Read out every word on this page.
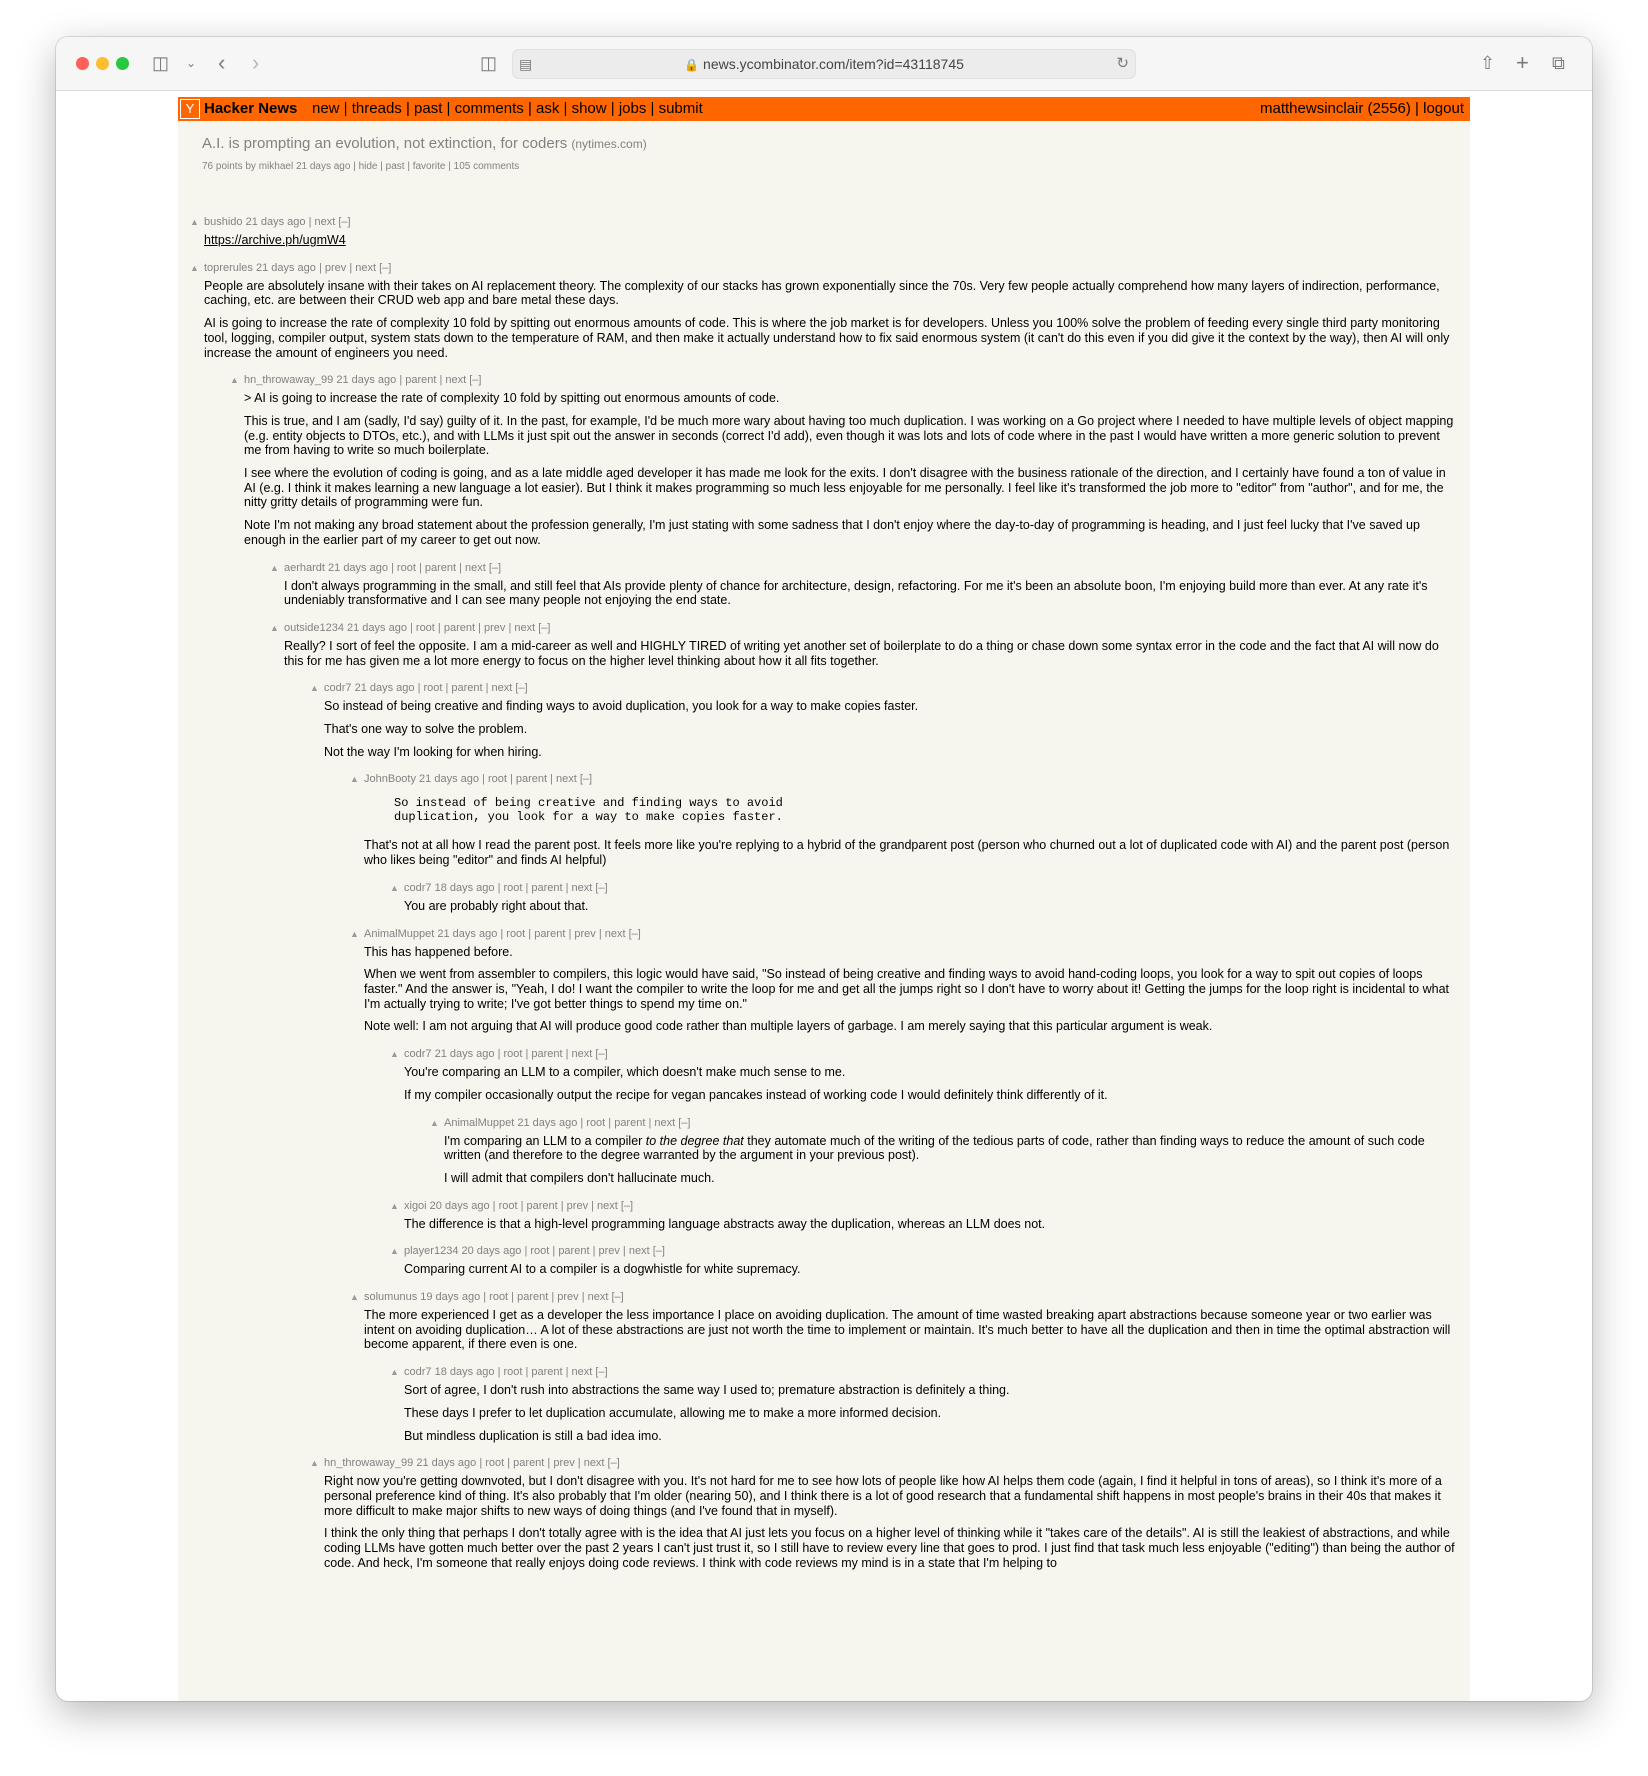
◫ ⌄ ‹ ›	◫ ▤	🔒 news.ycombinator.com/item?id=43118745	↻	⇧ + ⧉
Y Hacker News new | threads | past | comments | ask | show | jobs | submit	matthewsinclair (2556) | logout
A.I. is prompting an evolution, not extinction, for coders (nytimes.com)
76 points by mikhael 21 days ago | hide | past | favorite | 105 comments
▲ bushido 21 days ago | next [–]

https://archive.ph/ugmW4

▲ toprerules 21 days ago | prev | next [–]

People are absolutely insane with their takes on AI replacement theory. The complexity of our stacks has grown exponentially since the 70s. Very few people actually comprehend how many layers of indirection, performance, caching, etc. are between their CRUD web app and bare metal these days.

AI is going to increase the rate of complexity 10 fold by spitting out enormous amounts of code. This is where the job market is for developers. Unless you 100% solve the problem of feeding every single third party monitoring tool, logging, compiler output, system stats down to the temperature of RAM, and then make it actually understand how to fix said enormous system (it can't do this even if you did give it the context by the way), then AI will only increase the amount of engineers you need.

▲ hn_throwaway_99 21 days ago | parent | next [–]

> AI is going to increase the rate of complexity 10 fold by spitting out enormous amounts of code.

This is true, and I am (sadly, I'd say) guilty of it. In the past, for example, I'd be much more wary about having too much duplication. I was working on a Go project where I needed to have multiple levels of object mapping (e.g. entity objects to DTOs, etc.), and with LLMs it just spit out the answer in seconds (correct I'd add), even though it was lots and lots of code where in the past I would have written a more generic solution to prevent me from having to write so much boilerplate.

I see where the evolution of coding is going, and as a late middle aged developer it has made me look for the exits. I don't disagree with the business rationale of the direction, and I certainly have found a ton of value in AI (e.g. I think it makes learning a new language a lot easier). But I think it makes programming so much less enjoyable for me personally. I feel like it's transformed the job more to "editor" from "author", and for me, the nitty gritty details of programming were fun.

Note I'm not making any broad statement about the profession generally, I'm just stating with some sadness that I don't enjoy where the day-to-day of programming is heading, and I just feel lucky that I've saved up enough in the earlier part of my career to get out now.

▲ aerhardt 21 days ago | root | parent | next [–]

I don't always programming in the small, and still feel that AIs provide plenty of chance for architecture, design, refactoring. For me it's been an absolute boon, I'm enjoying build more than ever. At any rate it's undeniably transformative and I can see many people not enjoying the end state.

▲ outside1234 21 days ago | root | parent | prev | next [–]

Really? I sort of feel the opposite. I am a mid-career as well and HIGHLY TIRED of writing yet another set of boilerplate to do a thing or chase down some syntax error in the code and the fact that AI will now do this for me has given me a lot more energy to focus on the higher level thinking about how it all fits together.

▲ codr7 21 days ago | root | parent | next [–]

So instead of being creative and finding ways to avoid duplication, you look for a way to make copies faster.

That's one way to solve the problem.

Not the way I'm looking for when hiring.

▲ JohnBooty 21 days ago | root | parent | next [–]
So instead of being creative and finding ways to avoid
duplication, you look for a way to make copies faster.

That's not at all how I read the parent post. It feels more like you're replying to a hybrid of the grandparent post (person who churned out a lot of duplicated code with AI) and the parent post (person who likes being "editor" and finds AI helpful)

▲ codr7 18 days ago | root | parent | next [–]

You are probably right about that.

▲ AnimalMuppet 21 days ago | root | parent | prev | next [–]

This has happened before.

When we went from assembler to compilers, this logic would have said, "So instead of being creative and finding ways to avoid hand-coding loops, you look for a way to spit out copies of loops faster." And the answer is, "Yeah, I do! I want the compiler to write the loop for me and get all the jumps right so I don't have to worry about it! Getting the jumps for the loop right is incidental to what I'm actually trying to write; I've got better things to spend my time on."

Note well: I am not arguing that AI will produce good code rather than multiple layers of garbage. I am merely saying that this particular argument is weak.

▲ codr7 21 days ago | root | parent | next [–]

You're comparing an LLM to a compiler, which doesn't make much sense to me.

If my compiler occasionally output the recipe for vegan pancakes instead of working code I would definitely think differently of it.

▲ AnimalMuppet 21 days ago | root | parent | next [–]

I'm comparing an LLM to a compiler to the degree that they automate much of the writing of the tedious parts of code, rather than finding ways to reduce the amount of such code written (and therefore to the degree warranted by the argument in your previous post).

I will admit that compilers don't hallucinate much.

▲ xigoi 20 days ago | root | parent | prev | next [–]

The difference is that a high-level programming language abstracts away the duplication, whereas an LLM does not.

▲ player1234 20 days ago | root | parent | prev | next [–]

Comparing current AI to a compiler is a dogwhistle for white supremacy.

▲ solumunus 19 days ago | root | parent | prev | next [–]

The more experienced I get as a developer the less importance I place on avoiding duplication. The amount of time wasted breaking apart abstractions because someone year or two earlier was intent on avoiding duplication… A lot of these abstractions are just not worth the time to implement or maintain. It's much better to have all the duplication and then in time the optimal abstraction will become apparent, if there even is one.

▲ codr7 18 days ago | root | parent | next [–]

Sort of agree, I don't rush into abstractions the same way I used to; premature abstraction is definitely a thing.

These days I prefer to let duplication accumulate, allowing me to make a more informed decision.

But mindless duplication is still a bad idea imo.

▲ hn_throwaway_99 21 days ago | root | parent | prev | next [–]

Right now you're getting downvoted, but I don't disagree with you. It's not hard for me to see how lots of people like how AI helps them code (again, I find it helpful in tons of areas), so I think it's more of a personal preference kind of thing. It's also probably that I'm older (nearing 50), and I think there is a lot of good research that a fundamental shift happens in most people's brains in their 40s that makes it more difficult to make major shifts to new ways of doing things (and I've found that in myself).

I think the only thing that perhaps I don't totally agree with is the idea that AI just lets you focus on a higher level of thinking while it "takes care of the details". AI is still the leakiest of abstractions, and while coding LLMs have gotten much better over the past 2 years I can't just trust it, so I still have to review every line that goes to prod. I just find that task much less enjoyable ("editing") than being the author of code. And heck, I'm someone that really enjoys doing code reviews. I think with code reviews my mind is in a state that I'm helping to
